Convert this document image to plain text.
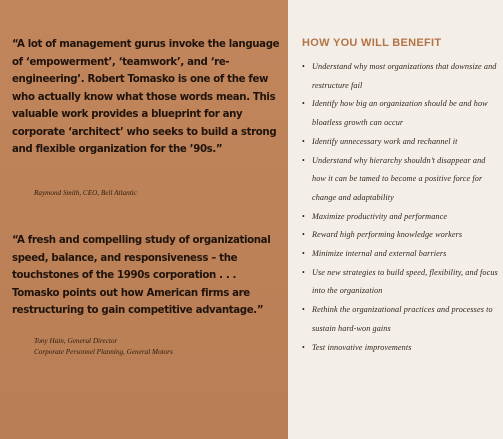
“A lot of management gurus invoke the language of ‘empowerment’, ‘teamwork’, and ‘re-engineering’. Robert Tomasko is one of the few who actually know what those words mean. This valuable work provides a blueprint for any corporate ‘architect’ who seeks to build a strong and flexible organization for the ’90s.”

Raymond Smith, CEO, Bell Atlantic

“A fresh and compelling study of organizational speed, balance, and responsiveness – the touchstones of the 1990s corporation . . . Tomasko points out how American firms are restructuring to gain competitive advantage.”

Tony Hain, General Director
Corporate Personnel Planning, General Motors
HOW YOU WILL BENEFIT
• Understand why most organizations that downsize and restructure fail
• Identify how big an organization should be and how bloatless growth can occur
• Identify unnecessary work and rechannel it
• Understand why hierarchy shouldn’t disappear and how it can be tamed to become a positive force for change and adaptability
• Maximize productivity and performance
• Reward high performing knowledge workers
• Minimize internal and external barriers
• Use new strategies to build speed, flexibility, and focus into the organization
• Rethink the organizational practices and processes to sustain hard-won gains
• Test innovative improvements
